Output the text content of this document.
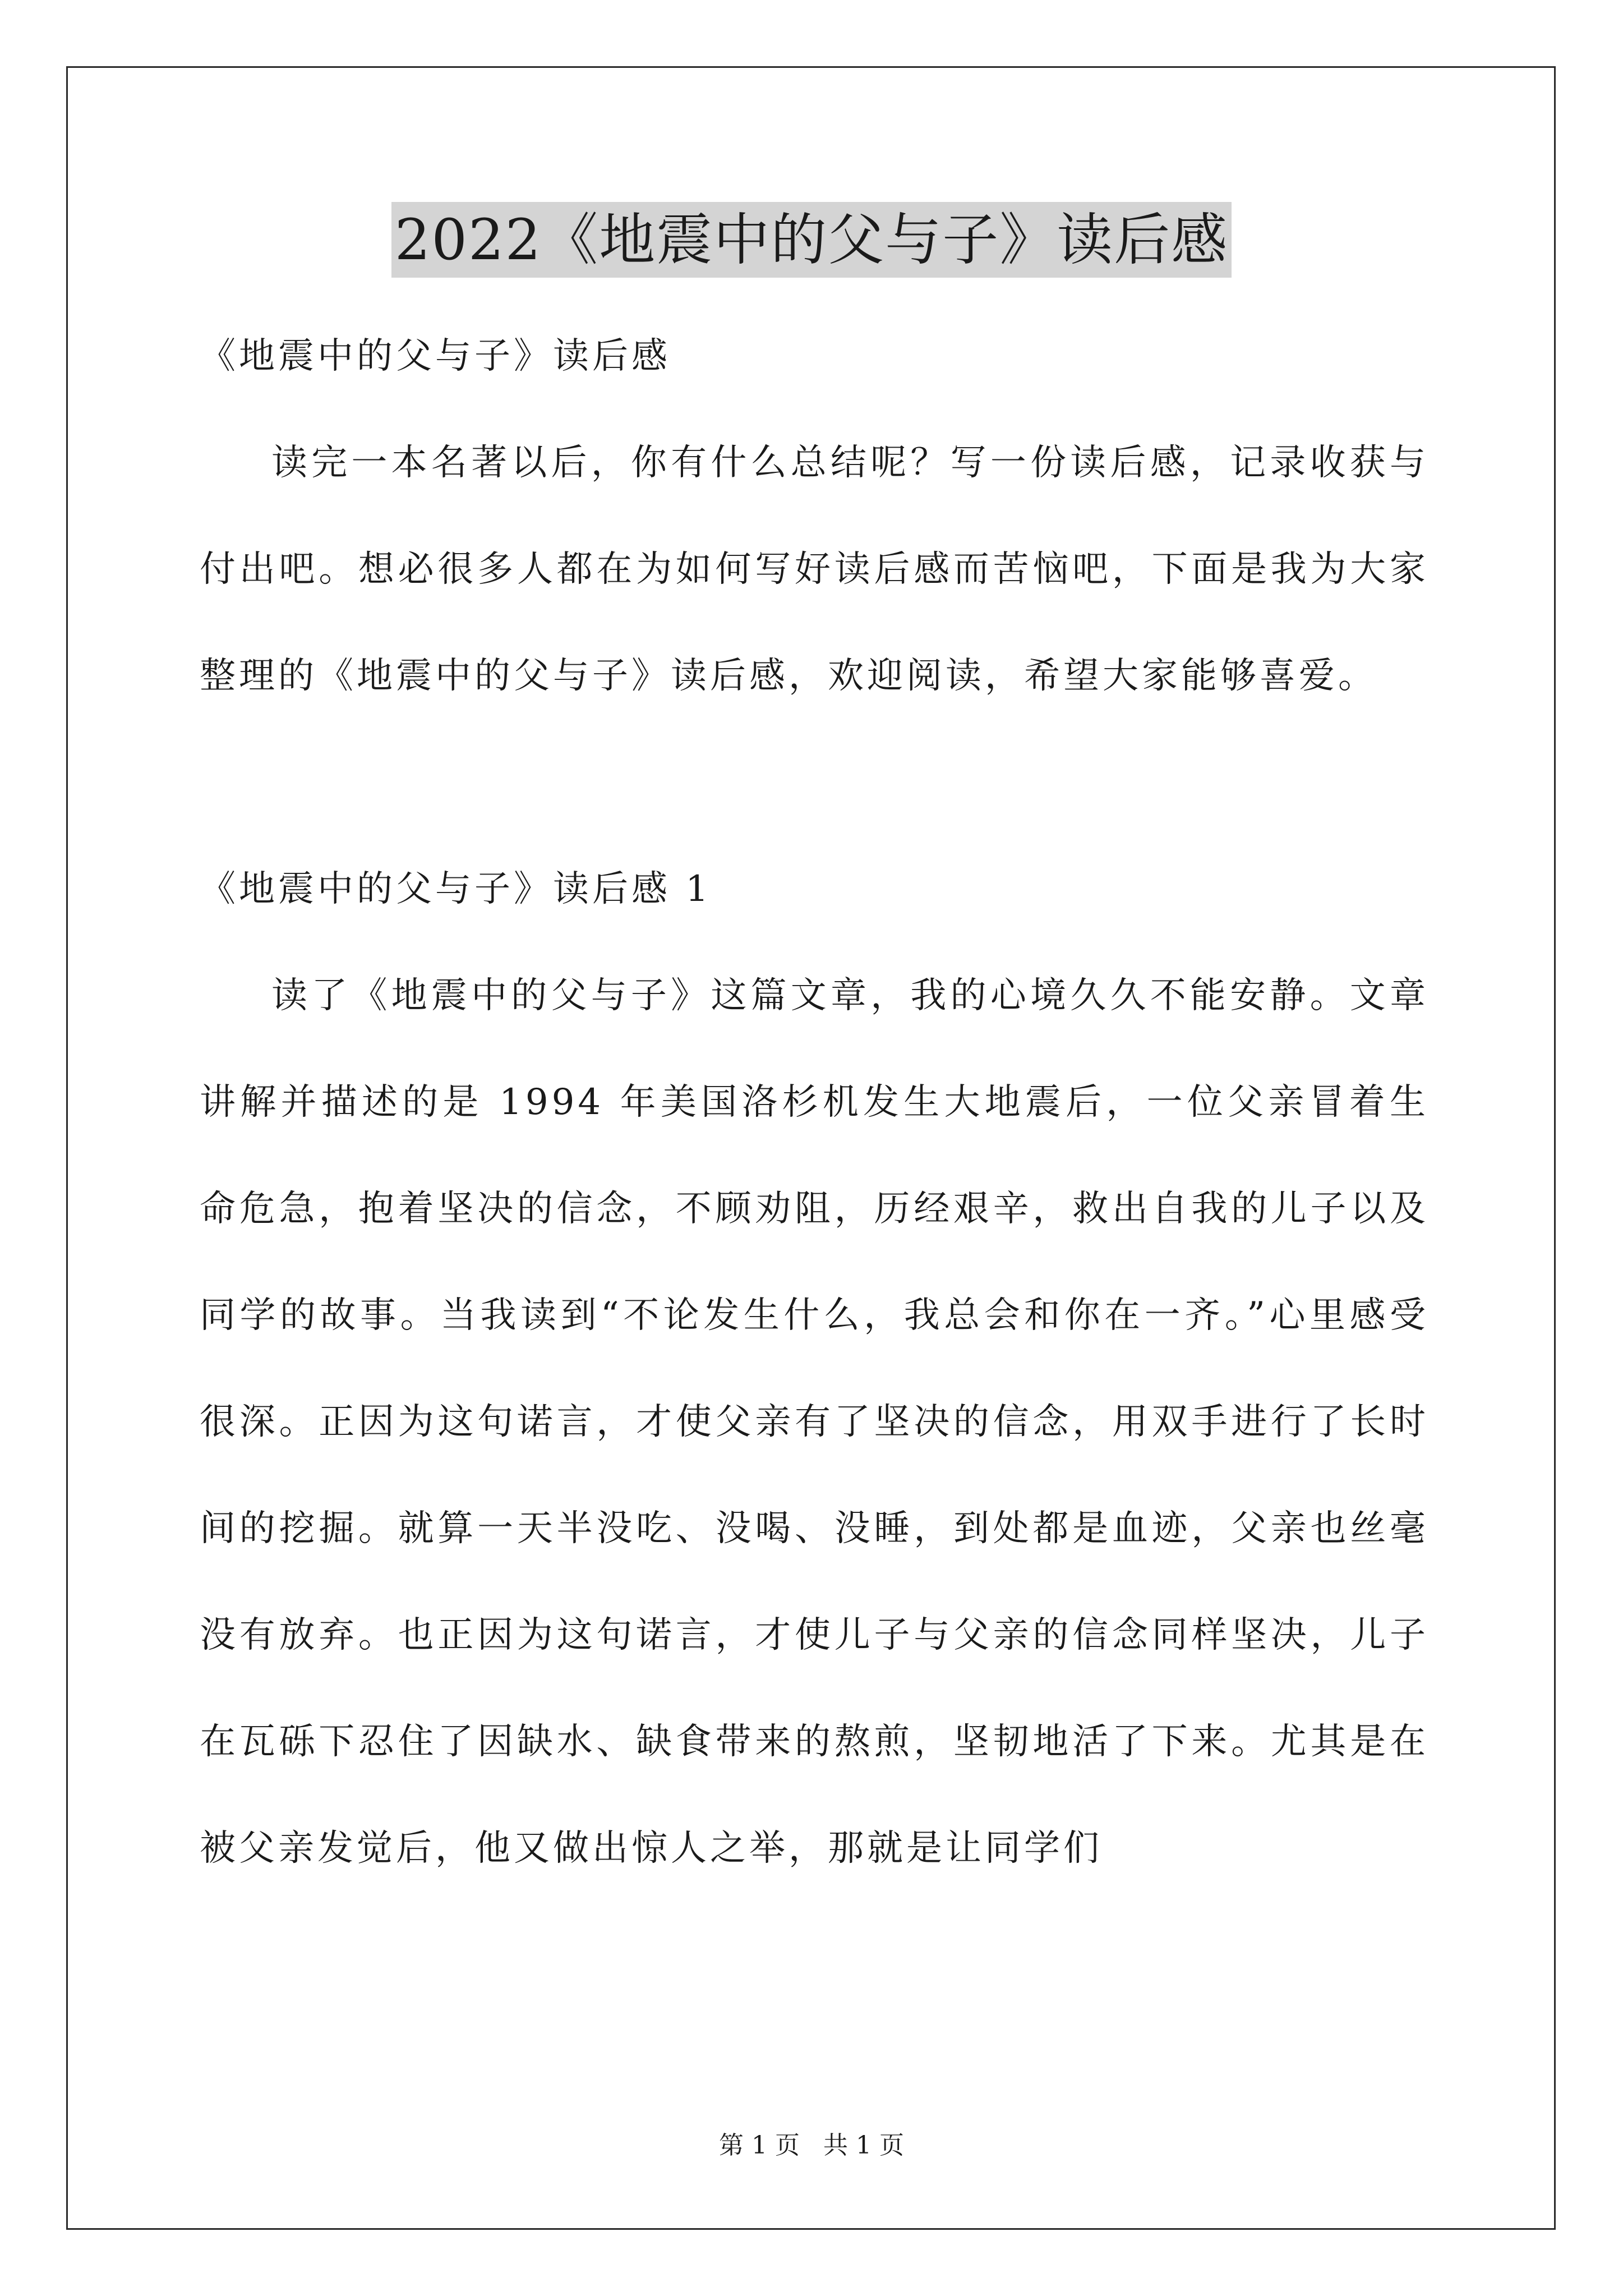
2022《地震中的父与子》读后感

《地震中的父与子》读后感

读完一本名著以后，你有什么总结呢？写一份读后感，记录收获与付出吧。想必很多人都在为如何写好读后感而苦恼吧，下面是我为大家整理的《地震中的父与子》读后感，欢迎阅读，希望大家能够喜爱。

《地震中的父与子》读后感 1

读了《地震中的父与子》这篇文章，我的心境久久不能安静。文章讲解并描述的是 1994 年美国洛杉机发生大地震后，一位父亲冒着生命危急，抱着坚决的信念，不顾劝阻，历经艰辛，救出自我的儿子以及同学的故事。当我读到“不论发生什么，我总会和你在一齐。”心里感受很深。正因为这句诺言，才使父亲有了坚决的信念，用双手进行了长时间的挖掘。就算一天半没吃、没喝、没睡，到处都是血迹，父亲也丝毫没有放弃。也正因为这句诺言，才使儿子与父亲的信念同样坚决，儿子在瓦砾下忍住了因缺水、缺食带来的熬煎，坚韧地活了下来。尤其是在被父亲发觉后，他又做出惊人之举，那就是让同学们

第 1 页 共 1 页
